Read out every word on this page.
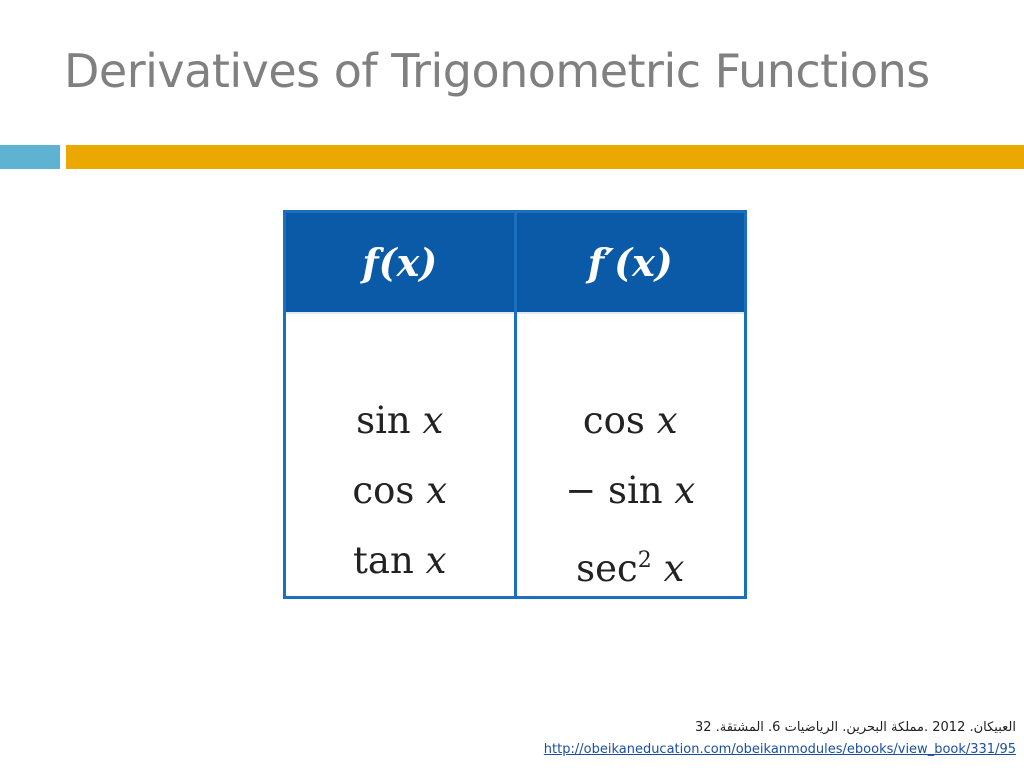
Derivatives of Trigonometric Functions
f(x)
sin x
cos x
tan x
f′(x)
cos x
− sin x
$\sec^2 x$
العبيكان. 2012 .مملكة البحرين. الرياضيات 6. المشتقة. 32
http://obeikaneducation.com/obeikanmodules/ebooks/view_book/331/95
